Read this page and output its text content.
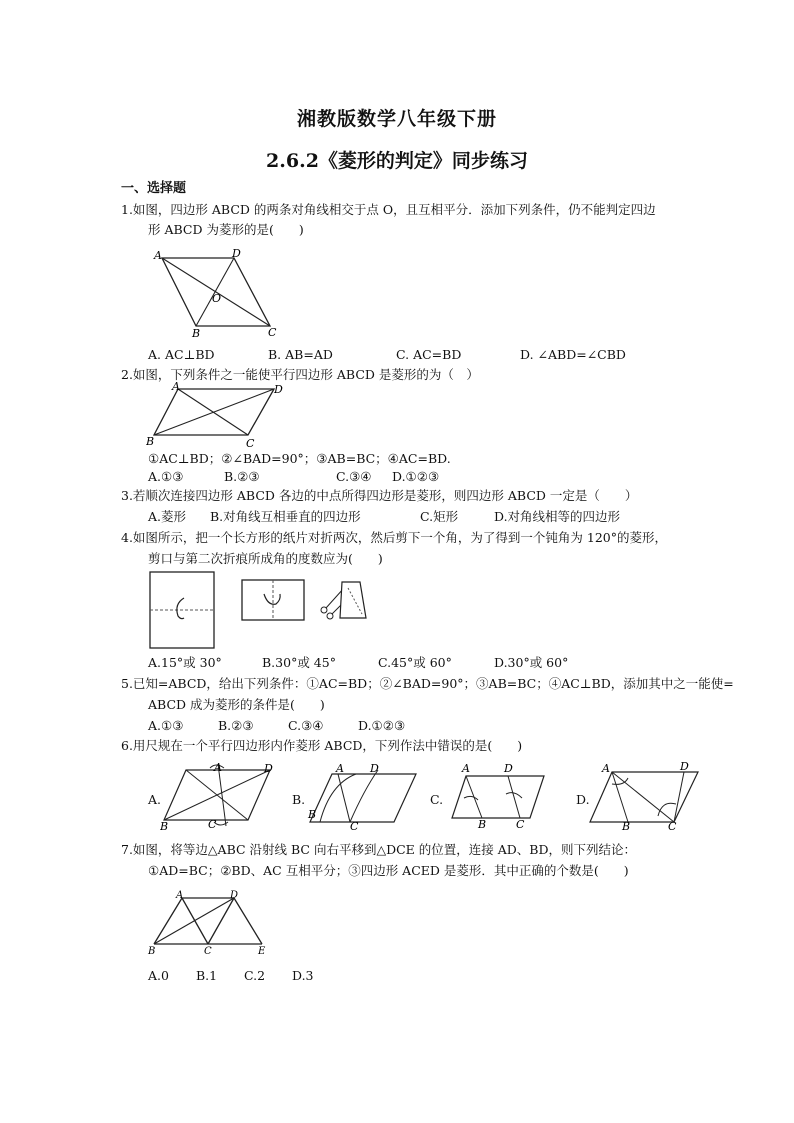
湘教版数学八年级下册
2.6.2《菱形的判定》同步练习
一、选择题
1.如图，四边形 ABCD 的两条对角线相交于点 O，且互相平分．添加下列条件，仍不能判定四边
形 ABCD 为菱形的是(　　)
A	D
B	C
O
A. AC⊥BD	B. AB=AD	C. AC=BD	D. ∠ABD=∠CBD
2.如图，下列条件之一能使平行四边形 ABCD 是菱形的为（　）
A	D
B	C
①AC⊥BD；②∠BAD=90°；③AB=BC；④AC=BD.
A.①③	B.②③	C.③④ D.①②③
3.若顺次连接四边形 ABCD 各边的中点所得四边形是菱形，则四边形 ABCD 一定是（　　）
A.菱形 B.对角线互相垂直的四边形	C.矩形	D.对角线相等的四边形
4.如图所示，把一个长方形的纸片对折两次，然后剪下一个角，为了得到一个钝角为 120°的菱形，
剪口与第二次折痕所成角的度数应为(　　)
A.15°或 30°	B.30°或 45°	C.45°或 60°	D.30°或 60°
5.已知=ABCD，给出下列条件：①AC=BD；②∠BAD=90°；③AB=BC；④AC⊥BD，添加其中之一能使=
ABCD 成为菱形的条件是(　　)
A.①③	B.②③	C.③④	D.①②③
6.用尺规在一个平行四边形内作菱形 ABCD，下列作法中错误的是(　　)
A.
A	D
B	C
B.
A D
B
C
C.
A	D
B	C
D.
A	D
B	C
7.如图，将等边△ABC 沿射线 BC 向右平移到△DCE 的位置，连接 AD、BD，则下列结论：
①AD=BC；②BD、AC 互相平分；③四边形 ACED 是菱形．其中正确的个数是(　　)
A	D
B	C	E
A.0 B.1 C.2 D.3
